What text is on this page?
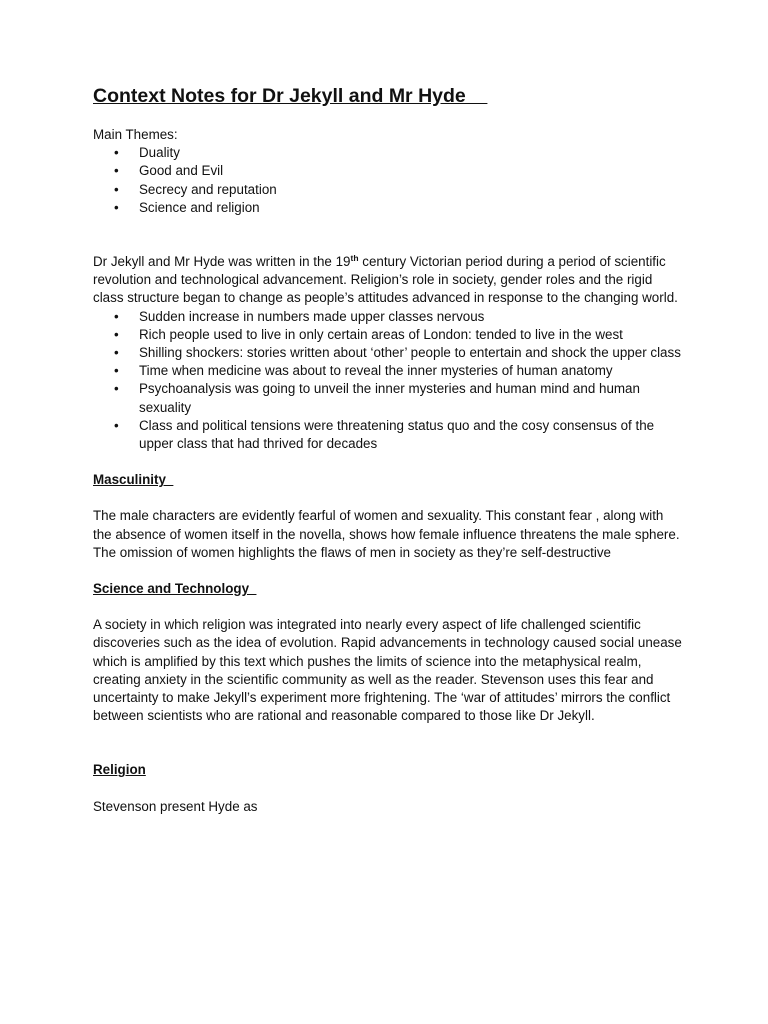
Context Notes for Dr Jekyll and Mr Hyde

Main Themes:

• Duality
• Good and Evil
• Secrecy and reputation
• Science and religion

Dr Jekyll and Mr Hyde was written in the 19th century Victorian period during a period of scientific revolution and technological advancement. Religion’s role in society, gender roles and the rigid class structure began to change as people’s attitudes advanced in response to the changing world.

• Sudden increase in numbers made upper classes nervous
• Rich people used to live in only certain areas of London: tended to live in the west
• Shilling shockers: stories written about ‘other’ people to entertain and shock the upper class
• Time when medicine was about to reveal the inner mysteries of human anatomy
• Psychoanalysis was going to unveil the inner mysteries and human mind and human sexuality
• Class and political tensions were threatening status quo and the cosy consensus of the upper class that had thrived for decades
Masculinity

The male characters are evidently fearful of women and sexuality. This constant fear , along with the absence of women itself in the novella, shows how female influence threatens the male sphere. The omission of women highlights the flaws of men in society as they’re self-destructive

Science and Technology

A society in which religion was integrated into nearly every aspect of life challenged scientific discoveries such as the idea of evolution. Rapid advancements in technology caused social unease which is amplified by this text which pushes the limits of science into the metaphysical realm, creating anxiety in the scientific community as well as the reader. Stevenson uses this fear and uncertainty to make Jekyll’s experiment more frightening. The ‘war of attitudes’ mirrors the conflict between scientists who are rational and reasonable compared to those like Dr Jekyll.

Religion

Stevenson present Hyde as
